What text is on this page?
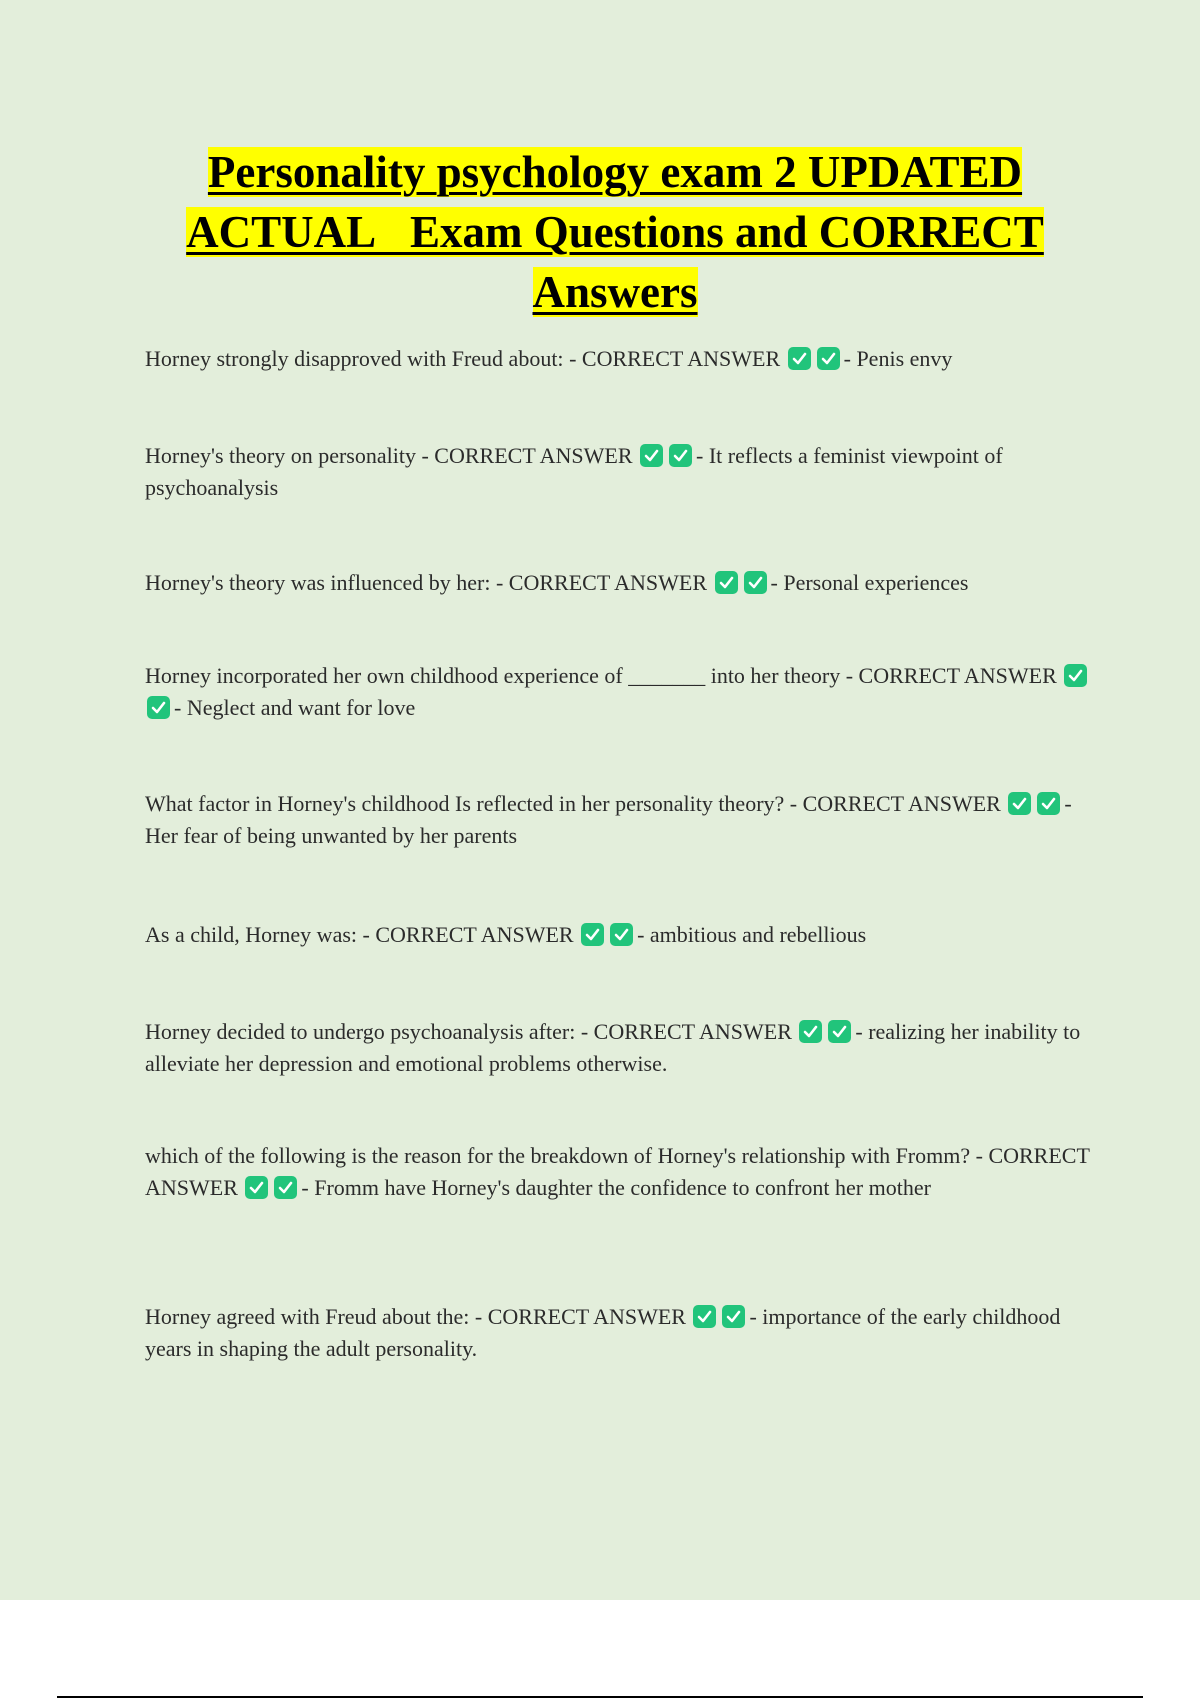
Personality psychology exam 2 UPDATED ACTUAL   Exam Questions and CORRECT Answers

Horney strongly disapproved with Freud about: - CORRECT ANSWER	- Penis envy

Horney's theory on personality - CORRECT ANSWER	- It reflects a feminist viewpoint of psychoanalysis

Horney's theory was influenced by her: - CORRECT ANSWER	- Personal experiences

Horney incorporated her own childhood experience of _______ into her theory - CORRECT ANSWER
- Neglect and want for love

What factor in Horney's childhood Is reflected in her personality theory? - CORRECT ANSWER	- Her fear of being unwanted by her parents

As a child, Horney was: - CORRECT ANSWER	- ambitious and rebellious

Horney decided to undergo psychoanalysis after: - CORRECT ANSWER	- realizing her inability to alleviate her depression and emotional problems otherwise.

which of the following is the reason for the breakdown of Horney's relationship with Fromm? - CORRECT ANSWER	- Fromm have Horney's daughter the confidence to confront her mother

Horney agreed with Freud about the: - CORRECT ANSWER	- importance of the early childhood years in shaping the adult personality.
